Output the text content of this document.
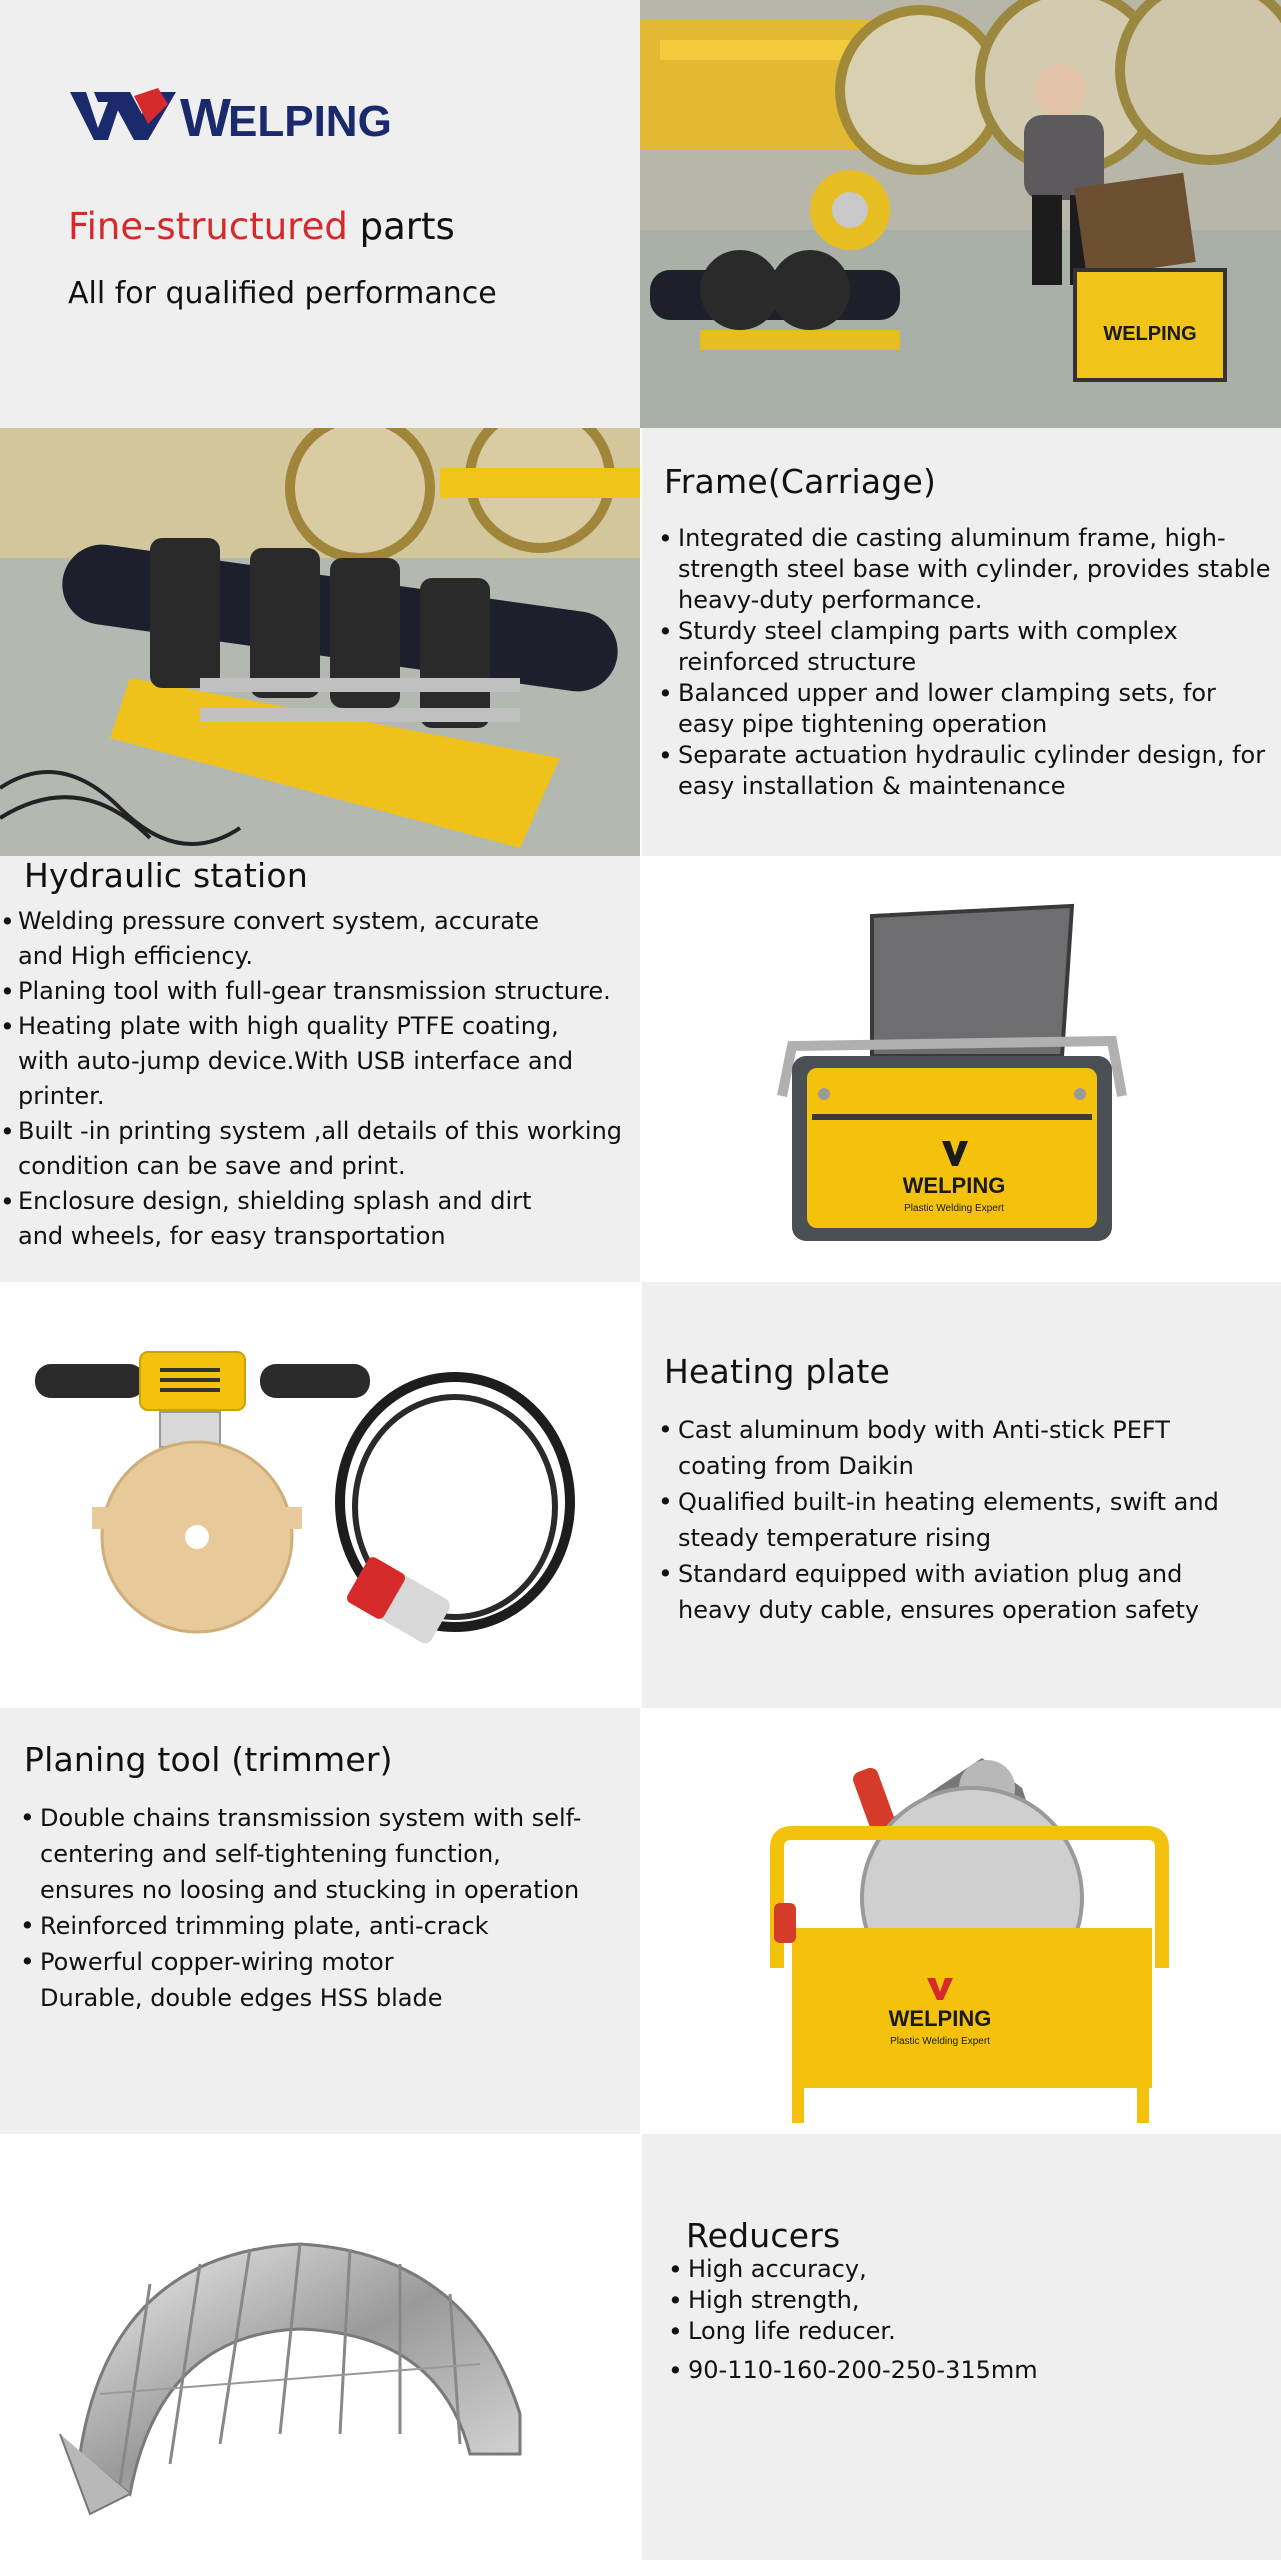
W
ELPING
Fine-structured parts
All for qualified performance
WELPING
Frame(Carriage)
• Integrated die casting aluminum frame, high-strength steel base with cylinder, provides stable heavy-duty performance.
• Sturdy steel clamping parts with complex reinforced structure
• Balanced upper and lower clamping sets, for easy pipe tightening operation
• Separate actuation hydraulic cylinder design, for easy installation & maintenance
Hydraulic station
• Welding pressure convert system, accurate and High efficiency.
• Planing tool with full-gear transmission structure.
• Heating plate with high quality PTFE coating, with auto-jump device.With USB interface and printer.
• Built -in printing system ,all details of this working condition can be save and print.
• Enclosure design, shielding splash and dirt and wheels, for easy transportation
WELPING
Plastic Welding Expert
Heating plate
• Cast aluminum body with Anti-stick PEFT coating from Daikin
• Qualified built-in heating elements, swift and steady temperature rising
• Standard equipped with aviation plug and heavy duty cable, ensures operation safety
Planing tool (trimmer)
• Double chains transmission system with self-centering and self-tightening function, ensures no loosing and stucking in operation
• Reinforced trimming plate, anti-crack
• Powerful copper-wiring motor Durable, double edges HSS blade
WELPING
Plastic Welding Expert
Reducers
• High accuracy,
• High strength,
• Long life reducer.
• 90-110-160-200-250-315mm
